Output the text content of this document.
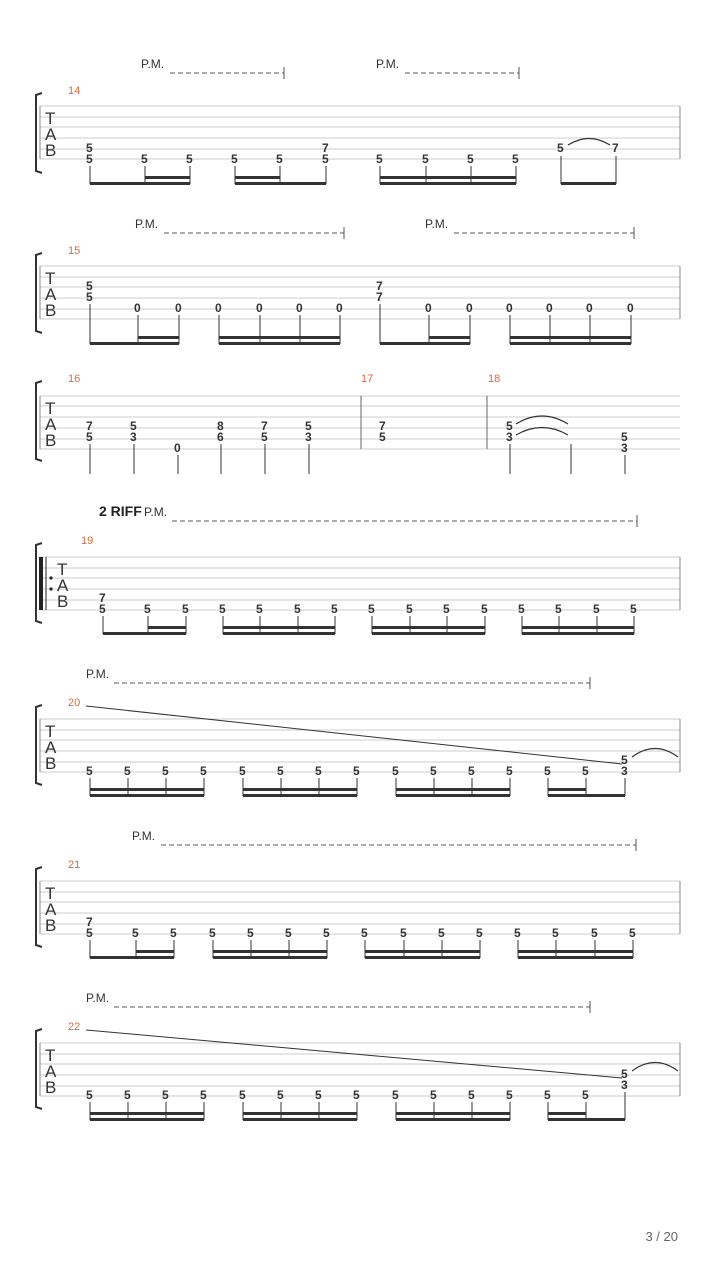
P.M.	P.M.
T
A
B
14
5
5	5	5	5	5
7
5	5	5	5	5
5	7
P.M.	P.M.
T
A
B
15
5
5
0	0	0	0	0	0
7
7
0	0	0	0	0	0
T
A
B
16	17	18
7
5
5
3
0
8
6
7
5
5
3
7
5
5
3	5
3
2 RIFF P.M.
T
A
B
19
7
5	5	5	5	5	5	5	5	5	5	5	5	5	5	5
P.M.
T
A
B
20
5	5	5	5	5	5	5	5	5	5	5	5	5	5
5
3
P.M.
T
A
B
21
7
5	5	5	5	5	5	5	5	5	5	5	5	5	5	5
P.M.
T
A
B
22
5	5	5	5	5	5	5	5	5	5	5	5	5	5
5
3
3 / 20
